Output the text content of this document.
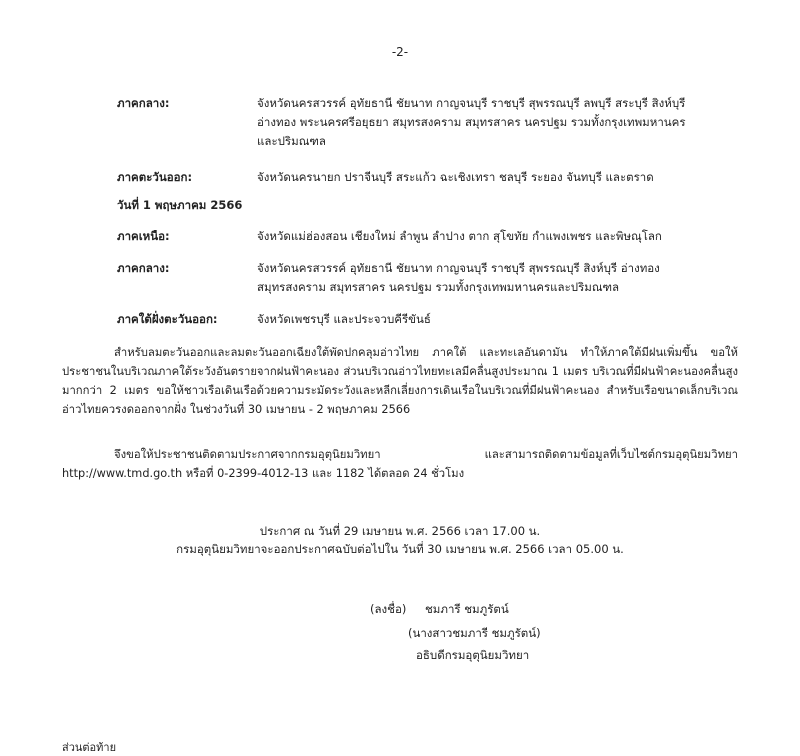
-2-
ภาคกลาง:	จังหวัดนครสวรรค์ อุทัยธานี ชัยนาท กาญจนบุรี ราชบุรี สุพรรณบุรี ลพบุรี สระบุรี สิงห์บุรี
อ่างทอง พระนครศรีอยุธยา สมุทรสงคราม สมุทรสาคร นครปฐม รวมทั้งกรุงเทพมหานคร
และปริมณฑล
ภาคตะวันออก:	จังหวัดนครนายก ปราจีนบุรี สระแก้ว ฉะเชิงเทรา ชลบุรี ระยอง จันทบุรี และตราด
วันที่ 1 พฤษภาคม 2566
ภาคเหนือ:	จังหวัดแม่ฮ่องสอน เชียงใหม่ ลำพูน ลำปาง ตาก สุโขทัย กำแพงเพชร และพิษณุโลก
ภาคกลาง:	จังหวัดนครสวรรค์ อุทัยธานี ชัยนาท กาญจนบุรี ราชบุรี สุพรรณบุรี สิงห์บุรี อ่างทอง
สมุทรสงคราม สมุทรสาคร นครปฐม รวมทั้งกรุงเทพมหานครและปริมณฑล
ภาคใต้ฝั่งตะวันออก:	จังหวัดเพชรบุรี และประจวบคีรีขันธ์
สำหรับลมตะวันออกและลมตะวันออกเฉียงใต้พัดปกคลุมอ่าวไทย ภาคใต้ และทะเลอันดามัน ทำให้ภาคใต้มีฝนเพิ่มขึ้น ขอให้ประชาชนในบริเวณภาคใต้ระวังอันตรายจากฝนฟ้าคะนอง ส่วนบริเวณอ่าวไทยทะเลมีคลื่นสูงประมาณ 1 เมตร บริเวณที่มีฝนฟ้าคะนองคลื่นสูงมากกว่า 2 เมตร ขอให้ชาวเรือเดินเรือด้วยความระมัดระวังและหลีกเลี่ยงการเดินเรือในบริเวณที่มีฝนฟ้าคะนอง สำหรับเรือขนาดเล็กบริเวณอ่าวไทยควรงดออกจากฝั่ง ในช่วงวันที่ 30 เมษายน - 2 พฤษภาคม 2566
จึงขอให้ประชาชนติดตามประกาศจากกรมอุตุนิยมวิทยา และสามารถติดตามข้อมูลที่เว็บไซต์กรมอุตุนิยมวิทยา http://www.tmd.go.th หรือที่ 0-2399-4012-13 และ 1182 ได้ตลอด 24 ชั่วโมง
ประกาศ ณ วันที่ 29 เมษายน พ.ศ. 2566 เวลา 17.00 น.
กรมอุตุนิยมวิทยาจะออกประกาศฉบับต่อไปใน วันที่ 30 เมษายน พ.ศ. 2566 เวลา 05.00 น.
(ลงชื่อ) ชมภารี ชมภูรัตน์
(นางสาวชมภารี ชมภูรัตน์)
อธิบดีกรมอุตุนิยมวิทยา
ส่วนต่อท้าย
